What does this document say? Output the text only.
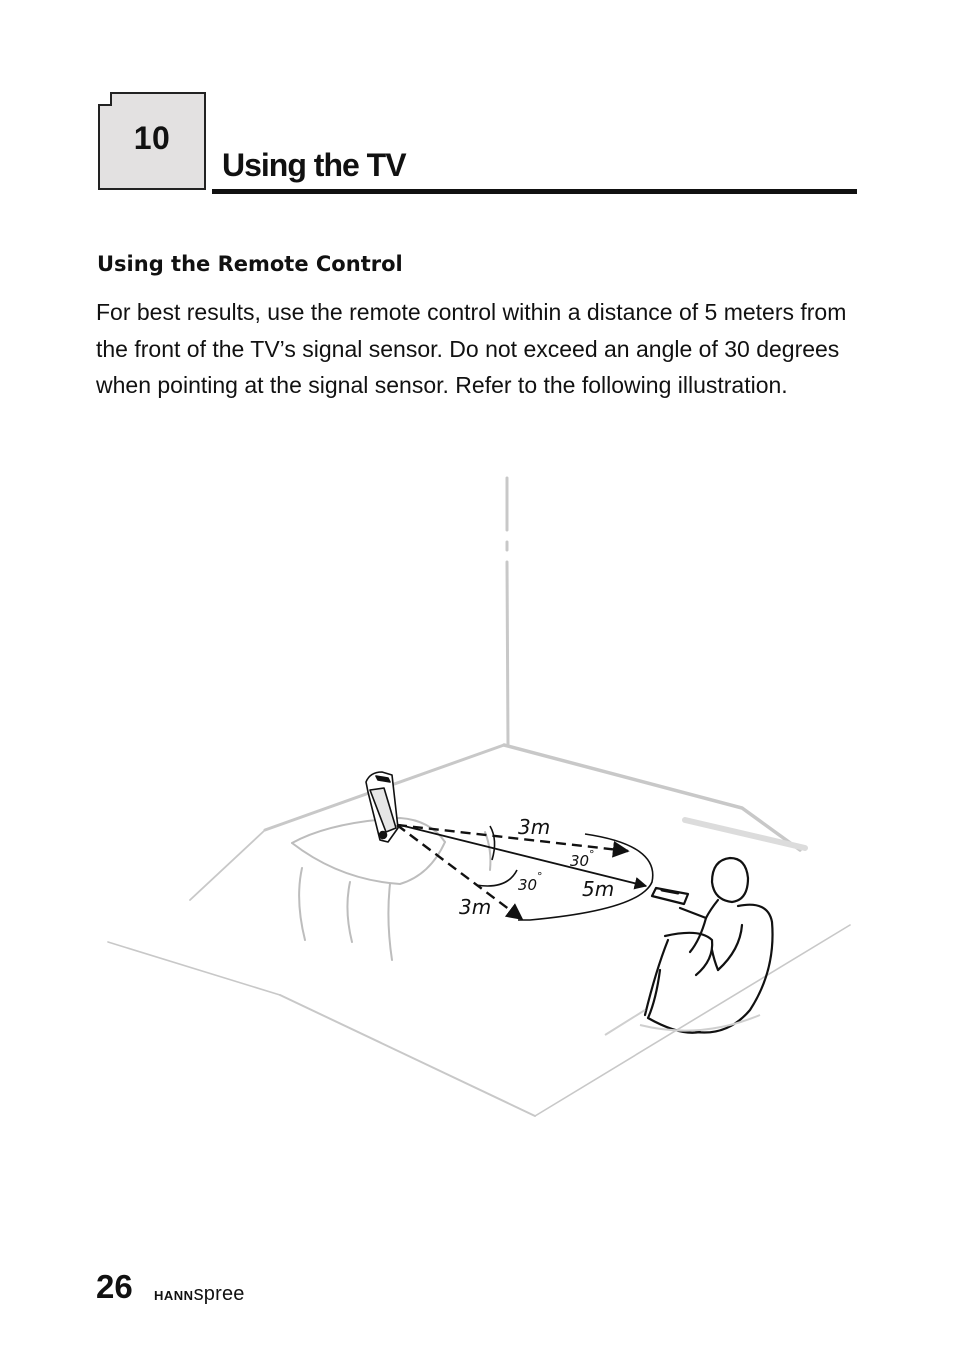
10
Using the TV
Using the Remote Control

For best results, use the remote control within a distance of 5 meters from the front of the TV’s signal sensor. Do not exceed an angle of 30 degrees when pointing at the signal sensor. Refer to the following illustration.

3m
3m
5m
30 °
30 °
26 HANNspree
